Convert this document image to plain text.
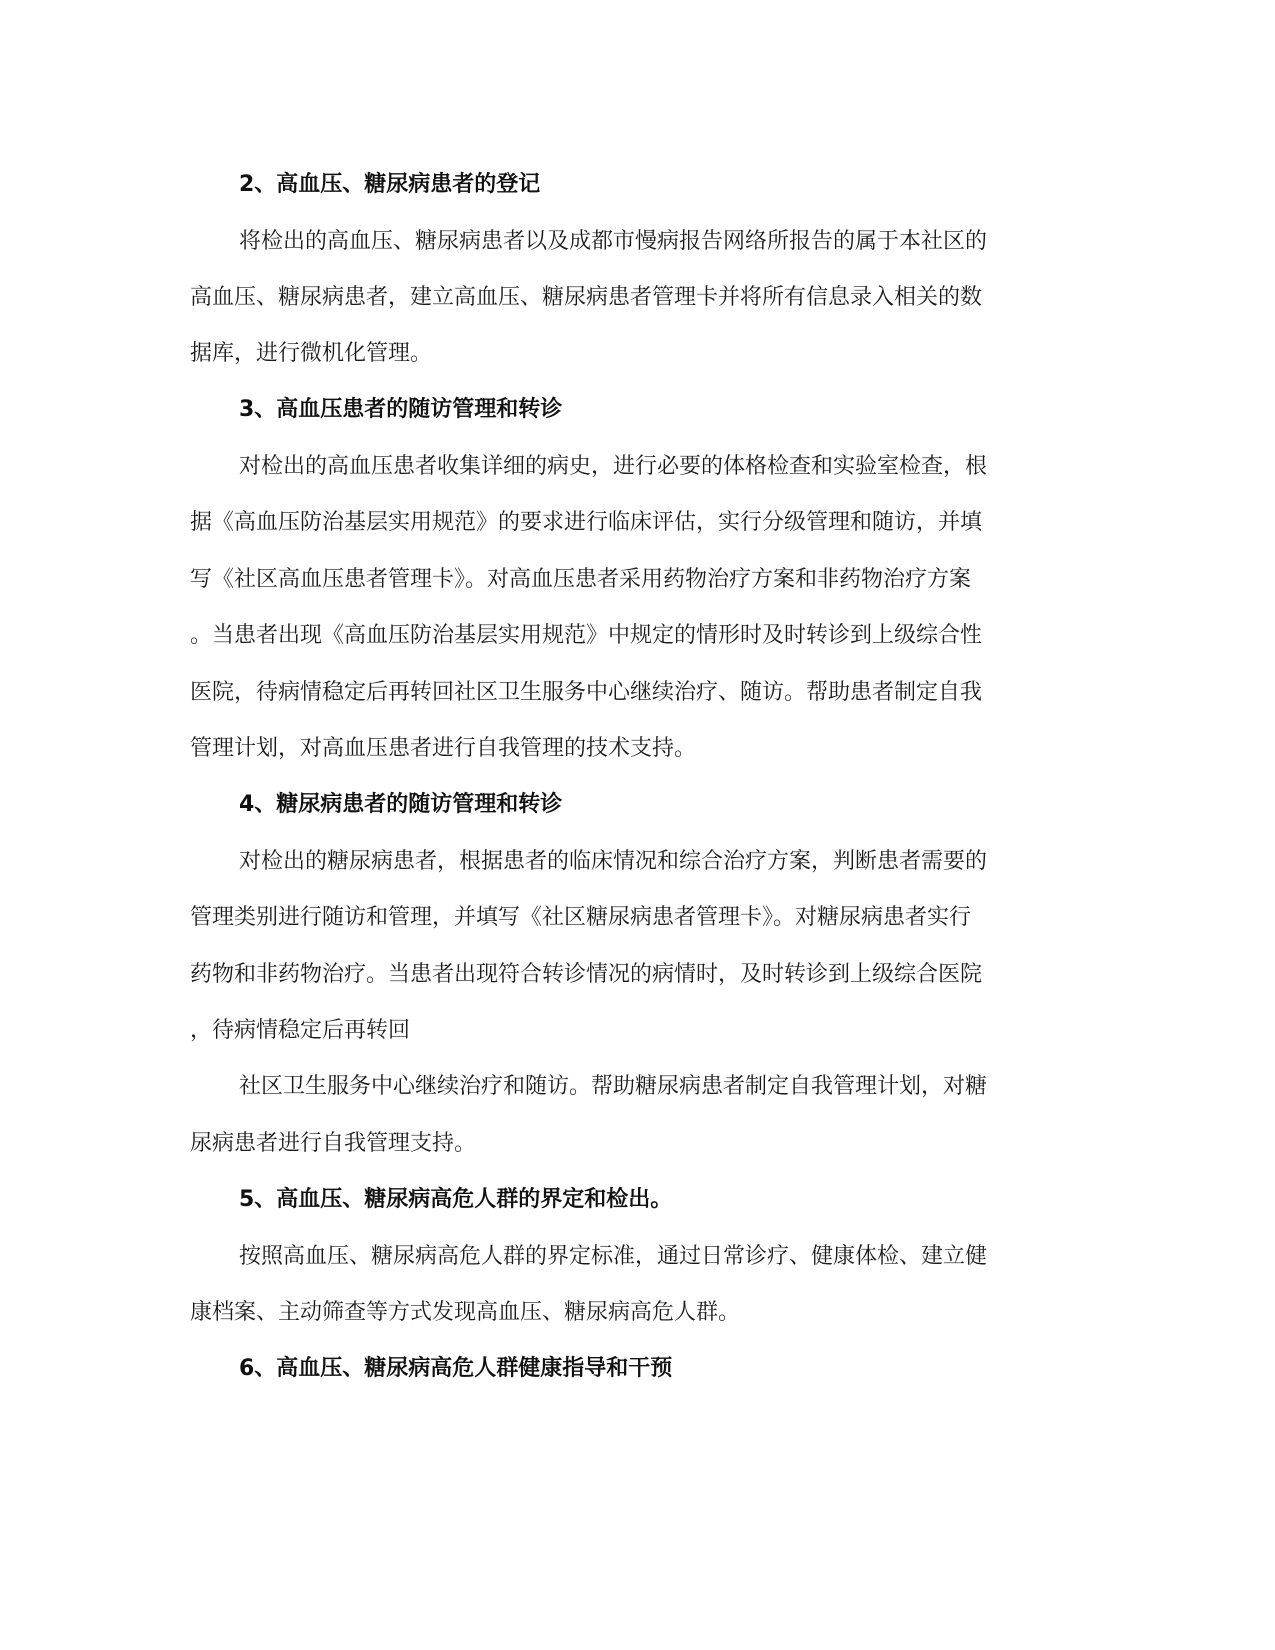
2、高血压、糖尿病患者的登记
将检出的高血压、糖尿病患者以及成都市慢病报告网络所报告的属于本社区的
高血压、糖尿病患者，建立高血压、糖尿病患者管理卡并将所有信息录入相关的数
据库，进行微机化管理。
3、高血压患者的随访管理和转诊
对检出的高血压患者收集详细的病史，进行必要的体格检查和实验室检查，根
据《高血压防治基层实用规范》的要求进行临床评估，实行分级管理和随访，并填
写《社区高血压患者管理卡》。对高血压患者采用药物治疗方案和非药物治疗方案
。当患者出现《高血压防治基层实用规范》中规定的情形时及时转诊到上级综合性
医院，待病情稳定后再转回社区卫生服务中心继续治疗、随访。帮助患者制定自我
管理计划，对高血压患者进行自我管理的技术支持。
4、糖尿病患者的随访管理和转诊
对检出的糖尿病患者，根据患者的临床情况和综合治疗方案，判断患者需要的
管理类别进行随访和管理，并填写《社区糖尿病患者管理卡》。对糖尿病患者实行
药物和非药物治疗。当患者出现符合转诊情况的病情时，及时转诊到上级综合医院
，待病情稳定后再转回
社区卫生服务中心继续治疗和随访。帮助糖尿病患者制定自我管理计划，对糖
尿病患者进行自我管理支持。
5、高血压、糖尿病高危人群的界定和检出。
按照高血压、糖尿病高危人群的界定标准，通过日常诊疗、健康体检、建立健
康档案、主动筛查等方式发现高血压、糖尿病高危人群。
6、高血压、糖尿病高危人群健康指导和干预
